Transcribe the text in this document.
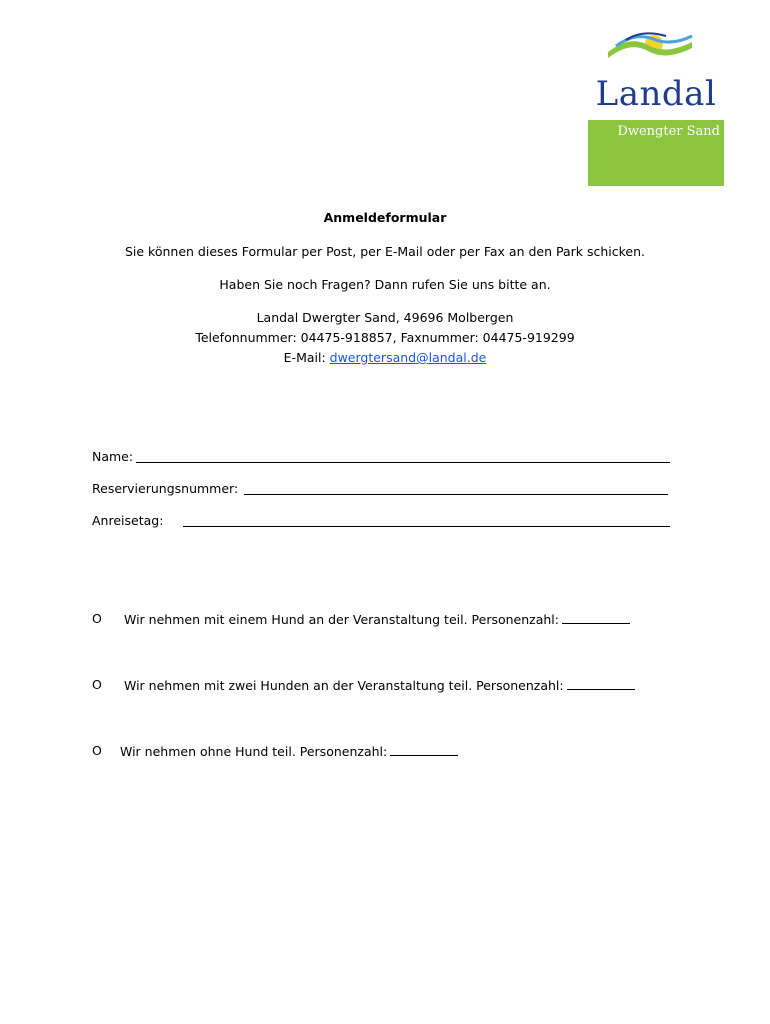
Landal
Dwengter Sand
Anmeldeformular
Sie können dieses Formular per Post, per E-Mail oder per Fax an den Park schicken.
Haben Sie noch Fragen? Dann rufen Sie uns bitte an.
Landal Dwergter Sand, 49696 Molbergen
Telefonnummer: 04475-918857, Faxnummer: 04475-919299
E-Mail: dwergtersand@landal.de
Name:
Reservierungsnummer:
Anreisetag:
O Wir nehmen mit einem Hund an der Veranstaltung teil. Personenzahl:
O Wir nehmen mit zwei Hunden an der Veranstaltung teil. Personenzahl:
O Wir nehmen ohne Hund teil. Personenzahl:
